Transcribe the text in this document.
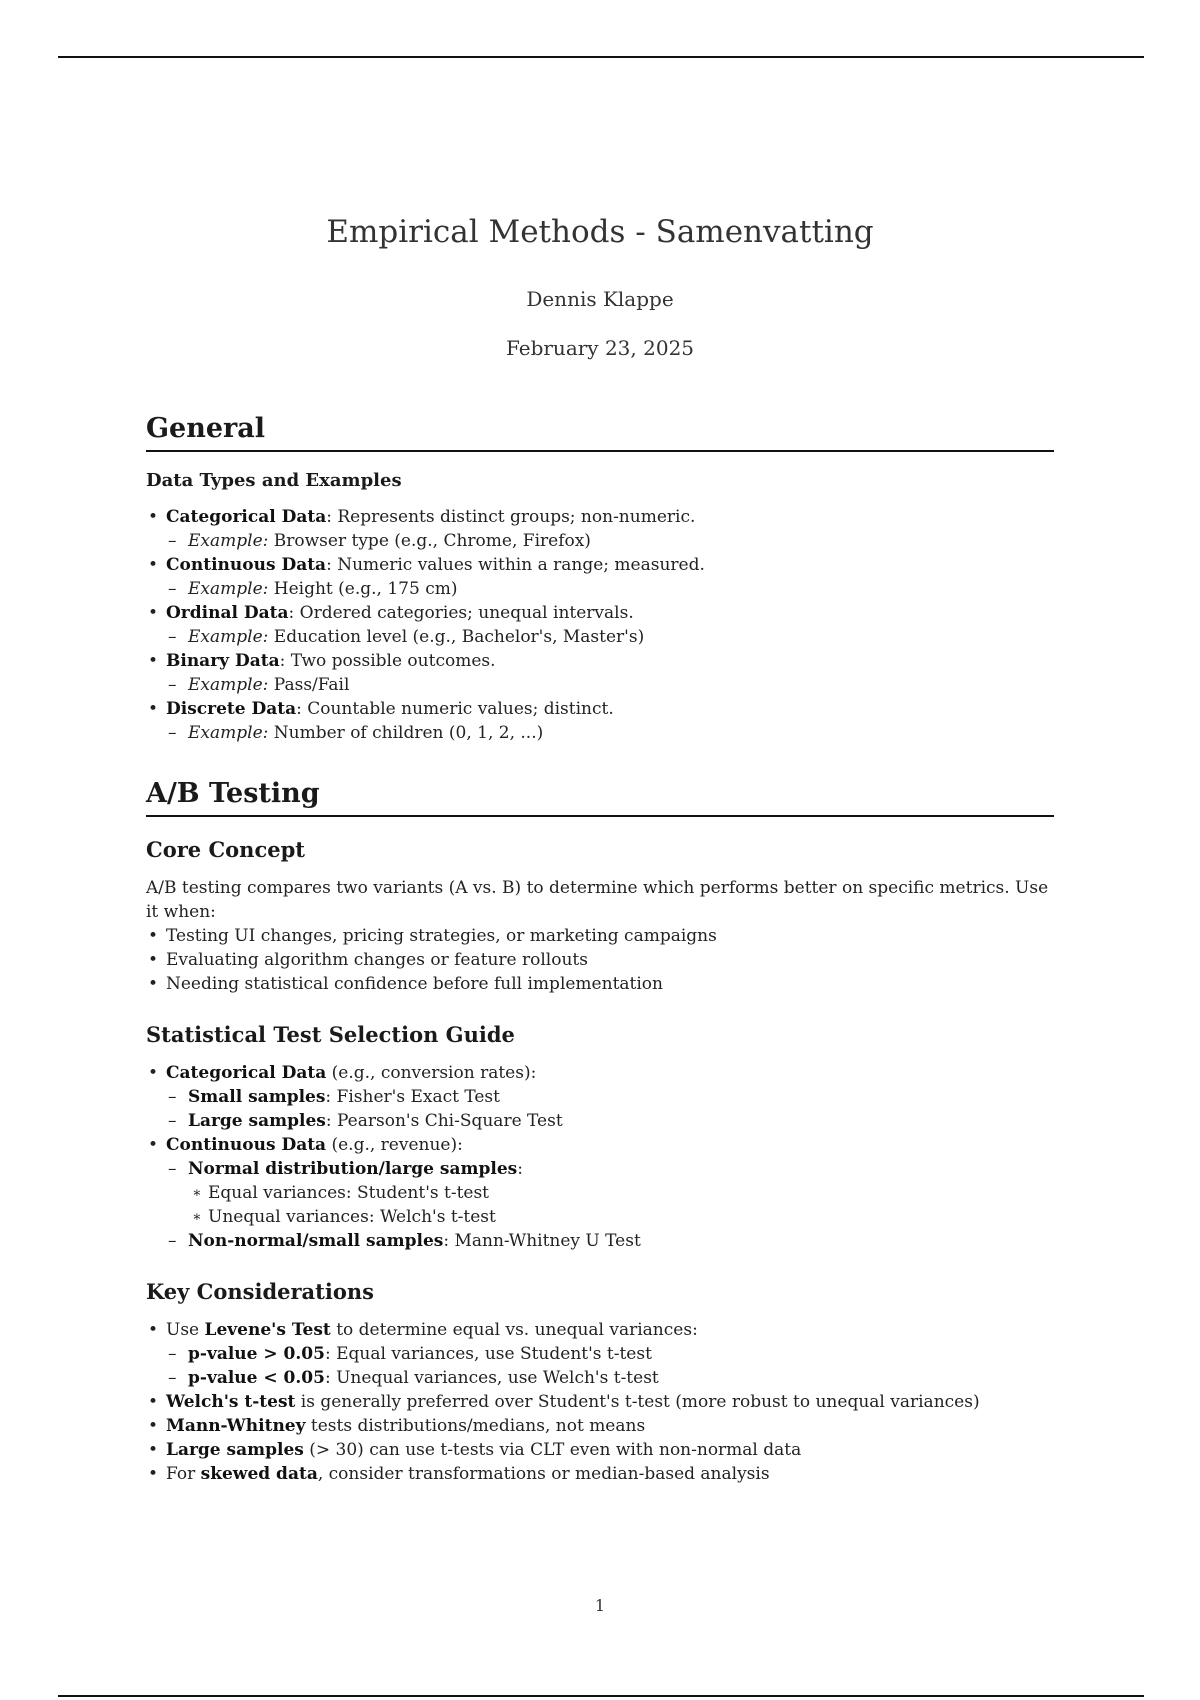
Empirical Methods - Samenvatting
Dennis Klappe
February 23, 2025
General
Data Types and Examples
• Categorical Data: Represents distinct groups; non-numeric.
– Example: Browser type (e.g., Chrome, Firefox)
• Continuous Data: Numeric values within a range; measured.
– Example: Height (e.g., 175 cm)
• Ordinal Data: Ordered categories; unequal intervals.
– Example: Education level (e.g., Bachelor's, Master's)
• Binary Data: Two possible outcomes.
– Example: Pass/Fail
• Discrete Data: Countable numeric values; distinct.
– Example: Number of children (0, 1, 2, ...)
A/B Testing
Core Concept

A/B testing compares two variants (A vs. B) to determine which performs better on specific metrics. Use it when:

• Testing UI changes, pricing strategies, or marketing campaigns
• Evaluating algorithm changes or feature rollouts
• Needing statistical confidence before full implementation
Statistical Test Selection Guide
• Categorical Data (e.g., conversion rates):
– Small samples: Fisher's Exact Test
– Large samples: Pearson's Chi-Square Test
• Continuous Data (e.g., revenue):
– Normal distribution/large samples:
∗ Equal variances: Student's t-test
∗ Unequal variances: Welch's t-test
– Non-normal/small samples: Mann-Whitney U Test
Key Considerations
• Use Levene's Test to determine equal vs. unequal variances:
– p-value > 0.05: Equal variances, use Student's t-test
– p-value < 0.05: Unequal variances, use Welch's t-test
• Welch's t-test is generally preferred over Student's t-test (more robust to unequal variances)
• Mann-Whitney tests distributions/medians, not means
• Large samples (> 30) can use t-tests via CLT even with non-normal data
• For skewed data, consider transformations or median-based analysis
1
